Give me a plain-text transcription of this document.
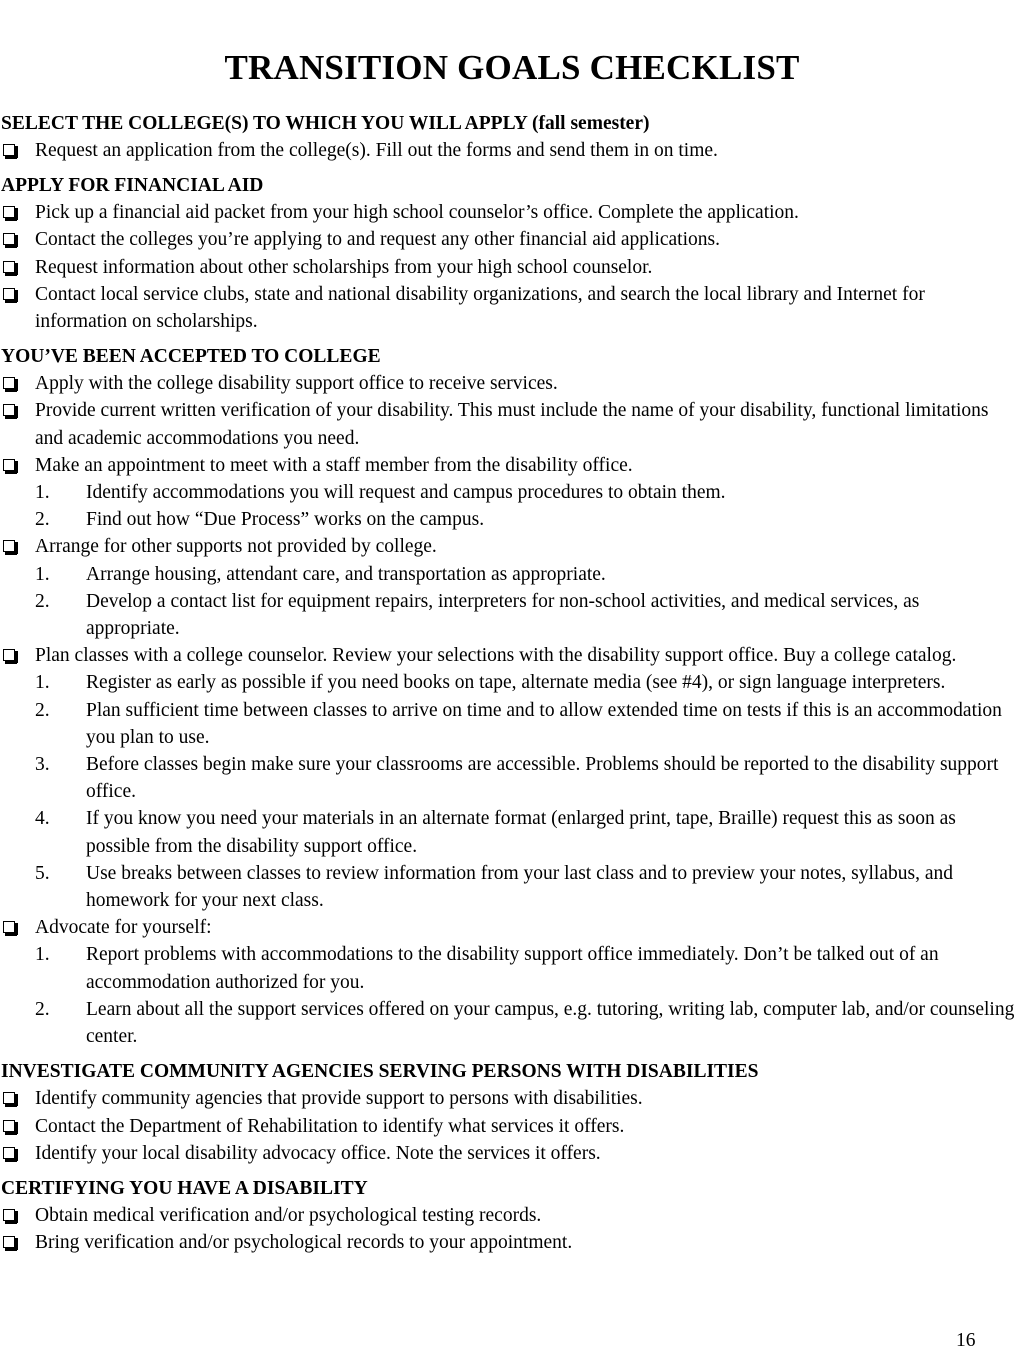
TRANSITION GOALS CHECKLIST
SELECT THE COLLEGE(S) TO WHICH YOU WILL APPLY (fall semester)
Request an application from the college(s). Fill out the forms and send them in on time.
APPLY FOR FINANCIAL AID
Pick up a financial aid packet from your high school counselor’s office. Complete the application.
Contact the colleges you’re applying to and request any other financial aid applications.
Request information about other scholarships from your high school counselor.
Contact local service clubs, state and national disability organizations, and search the local library and Internet for information on scholarships.
YOU’VE BEEN ACCEPTED TO COLLEGE
Apply with the college disability support office to receive services.
Provide current written verification of your disability. This must include the name of your disability, functional limitations and academic accommodations you need.
Make an appointment to meet with a staff member from the disability office.
1. Identify accommodations you will request and campus procedures to obtain them.
2. Find out how “Due Process” works on the campus.
Arrange for other supports not provided by college.
1. Arrange housing, attendant care, and transportation as appropriate.
2. Develop a contact list for equipment repairs, interpreters for non-school activities, and medical services, as appropriate.
Plan classes with a college counselor. Review your selections with the disability support office. Buy a college catalog.
1. Register as early as possible if you need books on tape, alternate media (see #4), or sign language interpreters.
2. Plan sufficient time between classes to arrive on time and to allow extended time on tests if this is an accommodation you plan to use.
3. Before classes begin make sure your classrooms are accessible. Problems should be reported to the disability support office.
4. If you know you need your materials in an alternate format (enlarged print, tape, Braille) request this as soon as possible from the disability support office.
5. Use breaks between classes to review information from your last class and to preview your notes, syllabus, and homework for your next class.
Advocate for yourself:
1. Report problems with accommodations to the disability support office immediately. Don’t be talked out of an accommodation authorized for you.
2. Learn about all the support services offered on your campus, e.g. tutoring, writing lab, computer lab, and/or counseling center.
INVESTIGATE COMMUNITY AGENCIES SERVING PERSONS WITH DISABILITIES
Identify community agencies that provide support to persons with disabilities.
Contact the Department of Rehabilitation to identify what services it offers.
Identify your local disability advocacy office. Note the services it offers.
CERTIFYING YOU HAVE A DISABILITY
Obtain medical verification and/or psychological testing records.
Bring verification and/or psychological records to your appointment.
16
